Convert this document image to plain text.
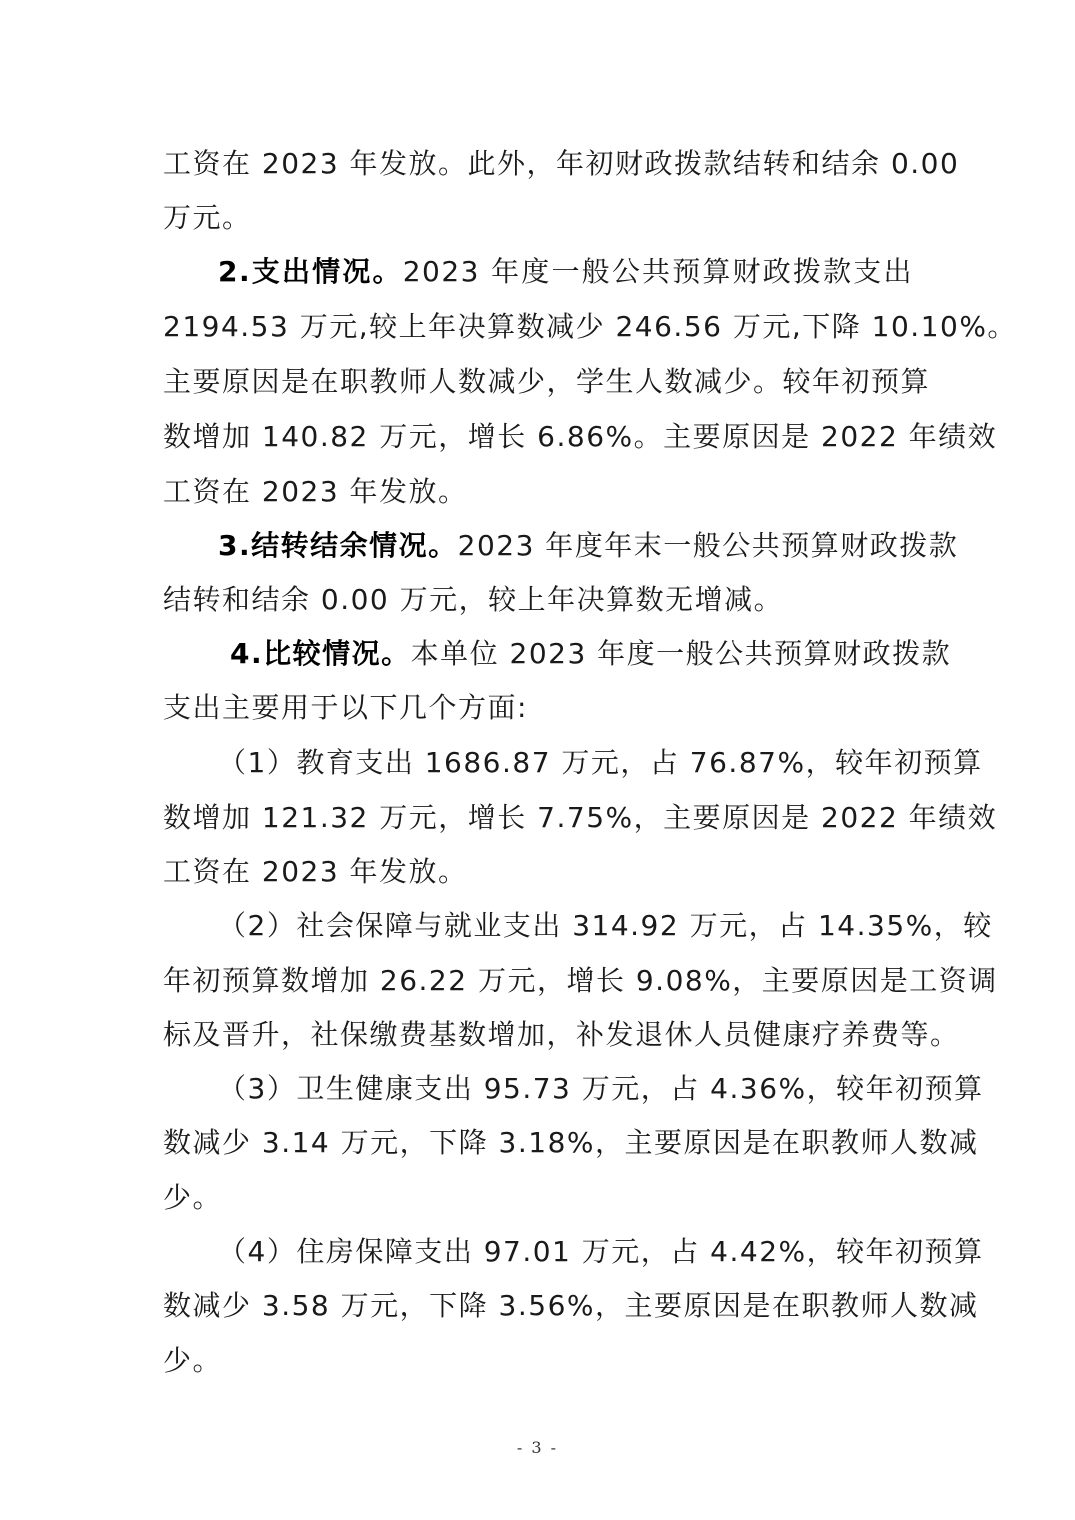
工资在 2023 年发放。此外，年初财政拨款结转和结余 0.00
万元。
2.支出情况。2023 年度一般公共预算财政拨款支出
2194.53 万元,较上年决算数减少 246.56 万元,下降 10.10%。
主要原因是在职教师人数减少，学生人数减少。较年初预算
数增加 140.82 万元，增长 6.86%。主要原因是 2022 年绩效
工资在 2023 年发放。
3.结转结余情况。2023 年度年末一般公共预算财政拨款
结转和结余 0.00 万元，较上年决算数无增减。
4.比较情况。本单位 2023 年度一般公共预算财政拨款
支出主要用于以下几个方面:
（1）教育支出 1686.87 万元，占 76.87%，较年初预算
数增加 121.32 万元，增长 7.75%，主要原因是 2022 年绩效
工资在 2023 年发放。
（2）社会保障与就业支出 314.92 万元，占 14.35%，较
年初预算数增加 26.22 万元，增长 9.08%，主要原因是工资调
标及晋升，社保缴费基数增加，补发退休人员健康疗养费等。
（3）卫生健康支出 95.73 万元，占 4.36%，较年初预算
数减少 3.14 万元，下降 3.18%，主要原因是在职教师人数减
少。
（4）住房保障支出 97.01 万元，占 4.42%，较年初预算
数减少 3.58 万元，下降 3.56%，主要原因是在职教师人数减
少。
- 3 -
